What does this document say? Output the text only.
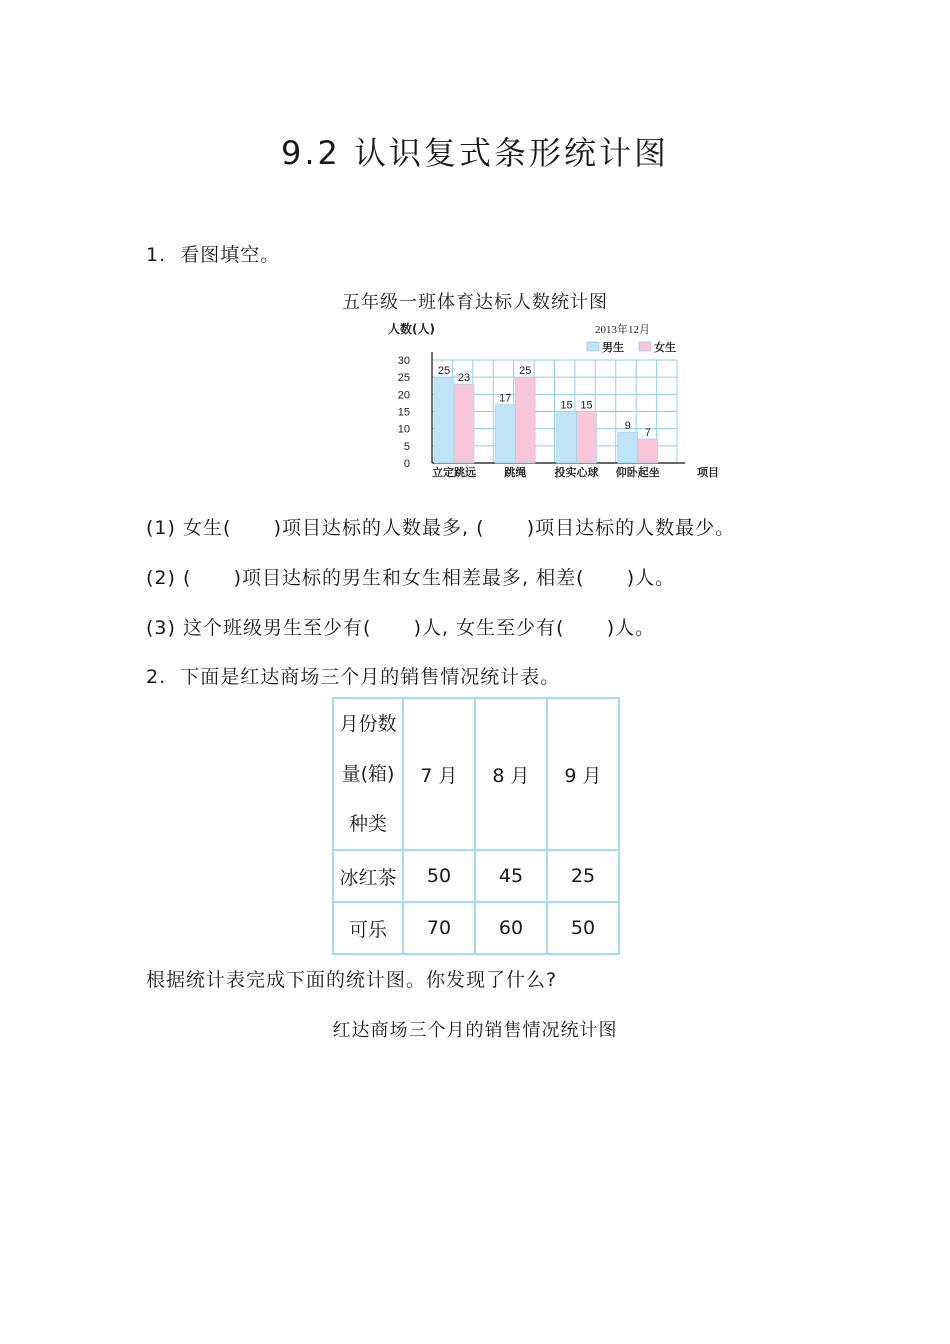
9.2 认识复式条形统计图
1.  看图填空。
五年级一班体育达标人数统计图
0
5
10
15
20
25
30
25
23
立定跳远
17
25
跳绳
15 15
投实心球
9
7
仰卧起坐
人数(人)
项目
2013年12月
男生	女生
(1) 女生(      )项目达标的人数最多, (      )项目达标的人数最少。
(2) (      )项目达标的男生和女生相差最多, 相差(      )人。
(3) 这个班级男生至少有(      )人, 女生至少有(      )人。
2.  下面是红达商场三个月的销售情况统计表。
月份数
量(箱)
种类	7 月	8 月	9 月
冰红茶	50	45	25
可乐	70	60	50
根据统计表完成下面的统计图。你发现了什么?
红达商场三个月的销售情况统计图
